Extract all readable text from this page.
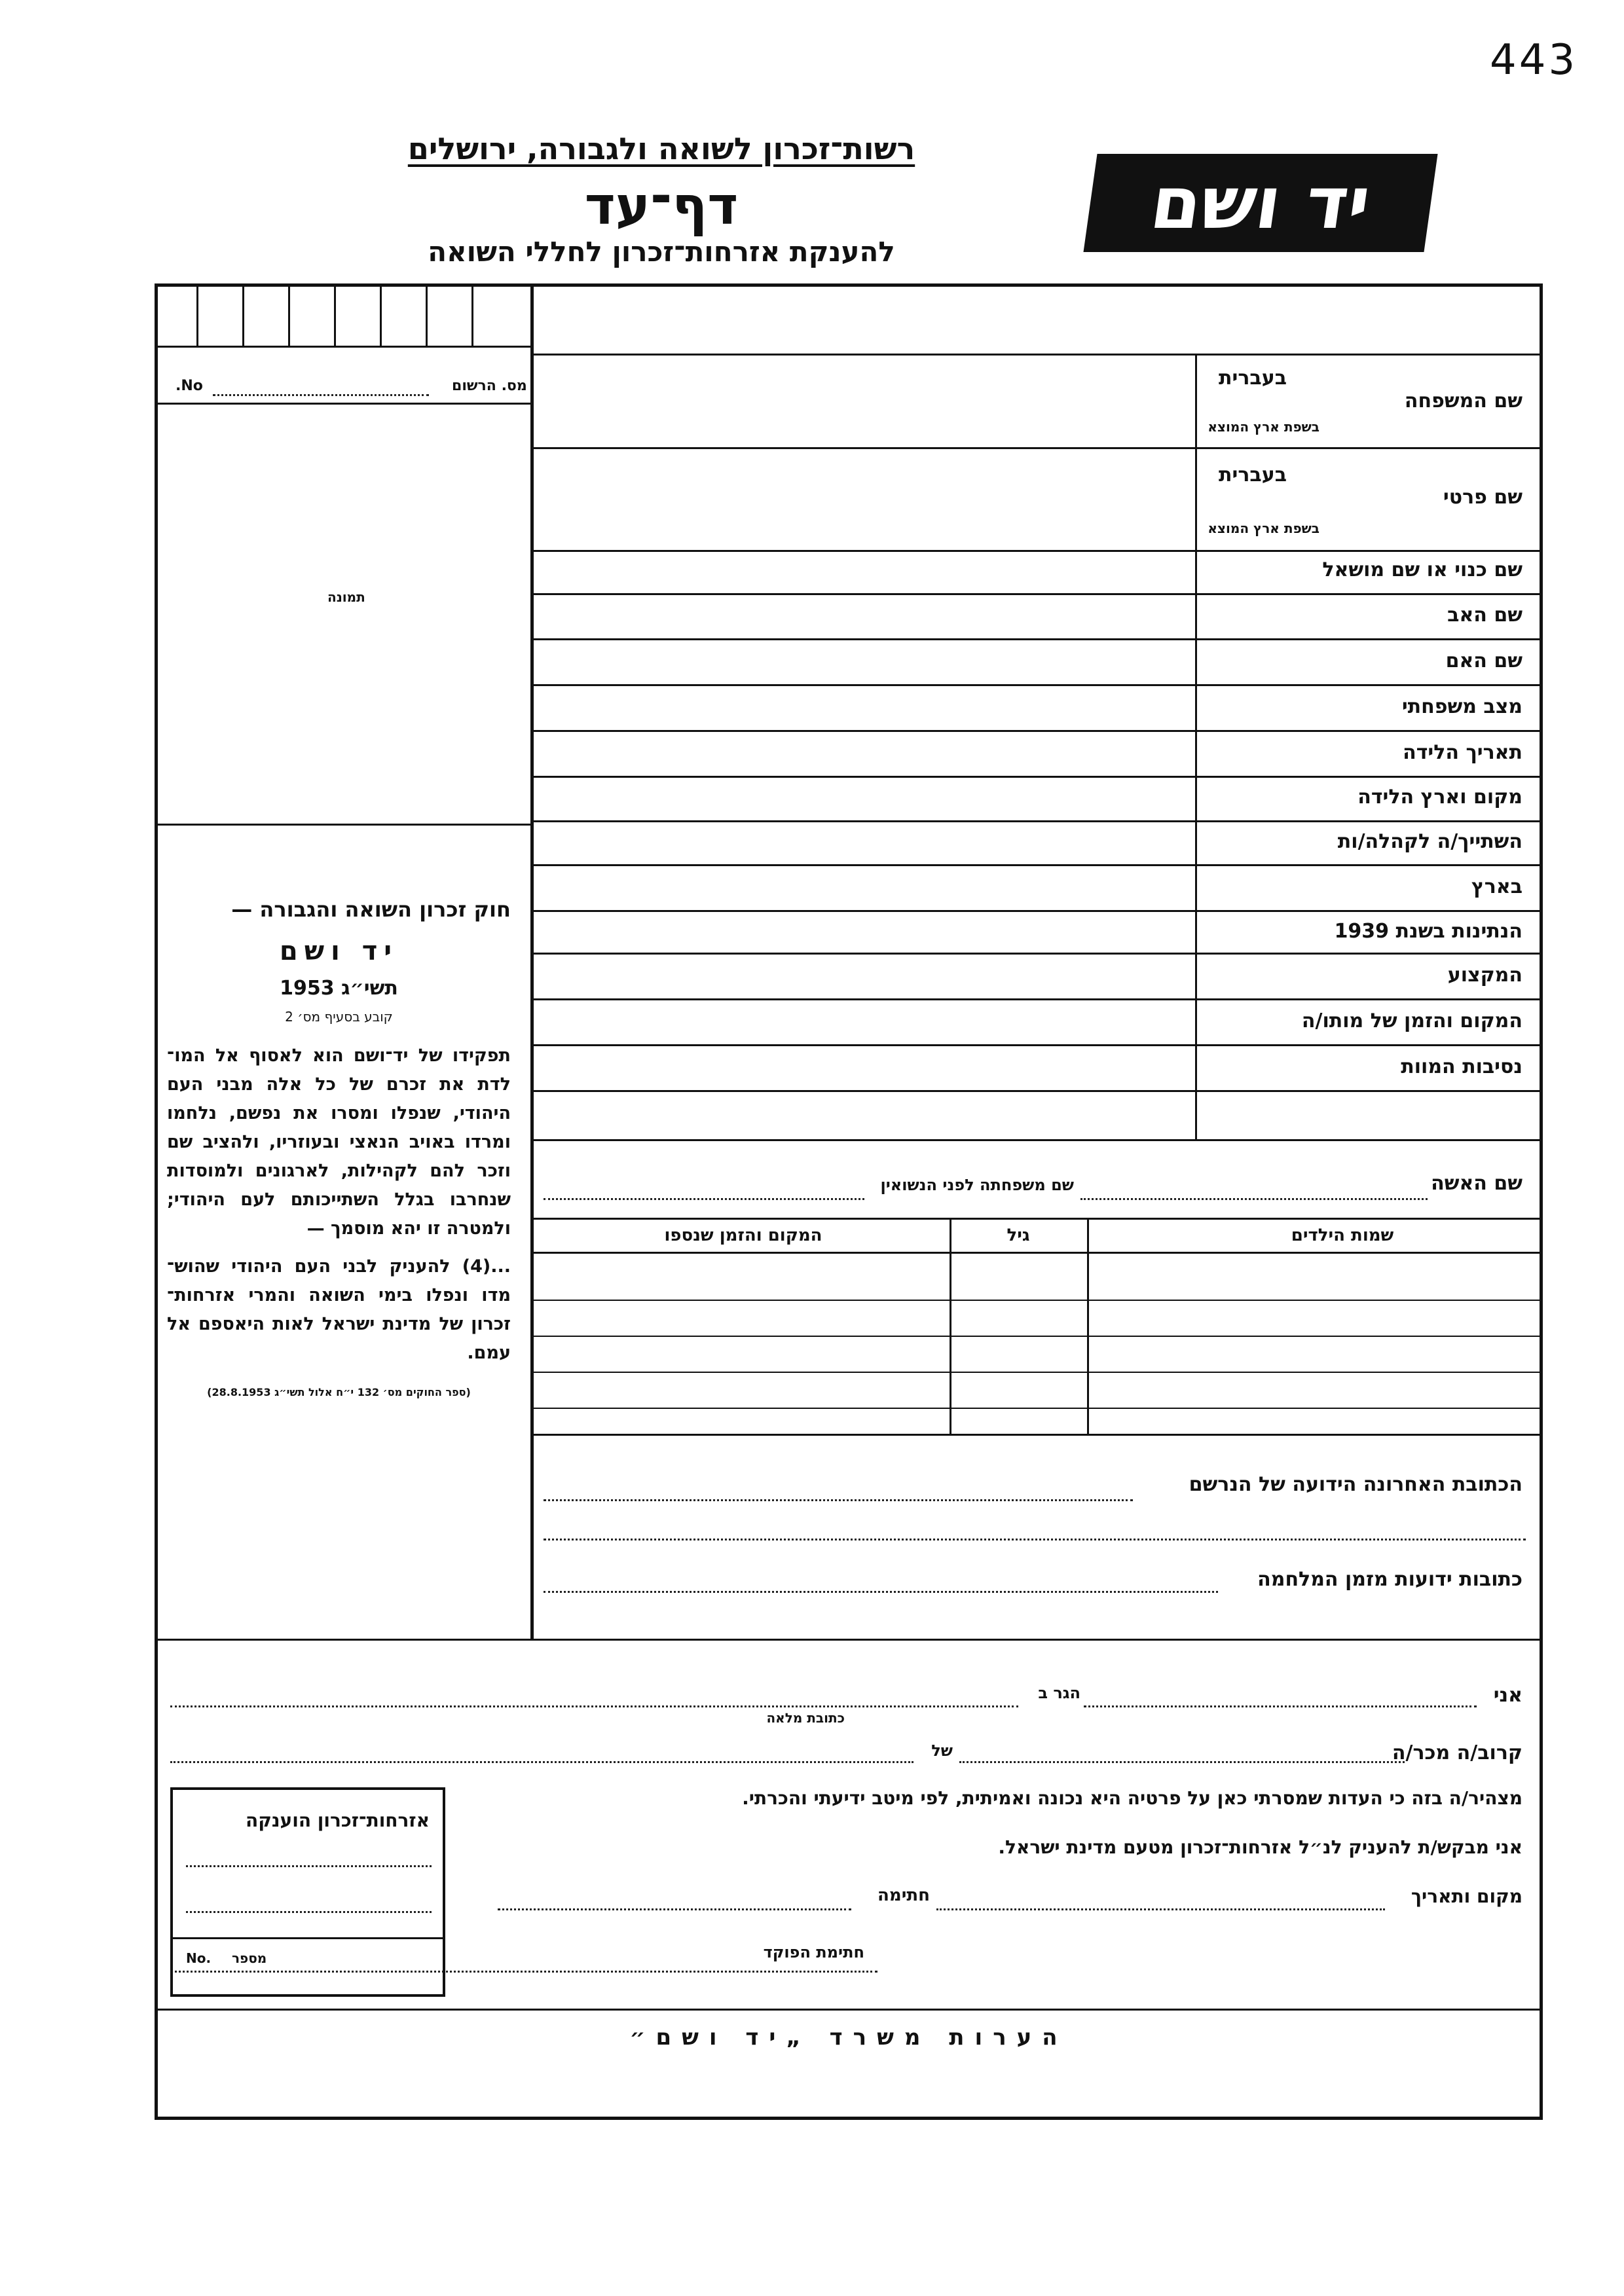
443
רשות־זכרון לשואה ולגבורה, ירושלים
דף־עד
להענקת אזרחות־זכרון לחללי השואה
יד ושם
No.	מס. הרשום
תמונה
חוק זכרון השואה והגבורה —
יד ושם
תשי״ג 1953
קובע בסעיף מס׳ 2
תפקידו של יד־ושם הוא לאסוף אל המו־ לדת את זכרם של כל אלה מבני העם היהודי, שנפלו ומסרו את נפשם, נלחמו ומרדו באויב הנאצי ובעוזריו, ולהציב שם וזכר להם לקהילות, לארגונים ולמוסדות שנחרבו בגלל השתייכותם לעם היהודי; ולמטרה זו יהא מוסמך —
...(4) להעניק לבני העם היהודי שהוש־ מדו ונפלו בימי השואה והמרי אזרחות־ זכרון של מדינת ישראל לאות היאספם אל עמם.
(ספר החוקים מס׳ 132 י״ח אלול תשי״ג 28.8.1953)
בעברית
שם המשפחה
בשפת ארץ המוצא
בעברית
שם פרטי
בשפת ארץ המוצא
שם כנוי או שם מושאל
שם האב
שם האם
מצב משפחתי
תאריך הלידה
מקום וארץ הלידה
השתייך/ה לקהלה/ות
בארץ
הנתינות בשנת 1939
המקצוע
המקום והזמן של מותו/ה
נסיבות המוות
שם האשה
שם משפחתה לפני הנשואין
שמות הילדים
גיל
המקום והזמן שנספו
הכתובת האחרונה הידועה של הנרשם
כתובות ידועות מזמן המלחמה
אני
הגר ב
כתובת מלאה
קרוב/ה מכר/ה
של
מצהיר/ה בזה כי העדות שמסרתי כאן על פרטיה היא נכונה ואמיתית, לפי מיטב ידיעתי והכרתי.
אני מבקש/ת להעניק לנ״ל אזרחות־זכרון מטעם מדינת ישראל.
מקום ותאריך
חתימה
חתימת הפוקד
אזרחות־זכרון הוענקה
No. מספר
הערות משרד „יד ושם״
